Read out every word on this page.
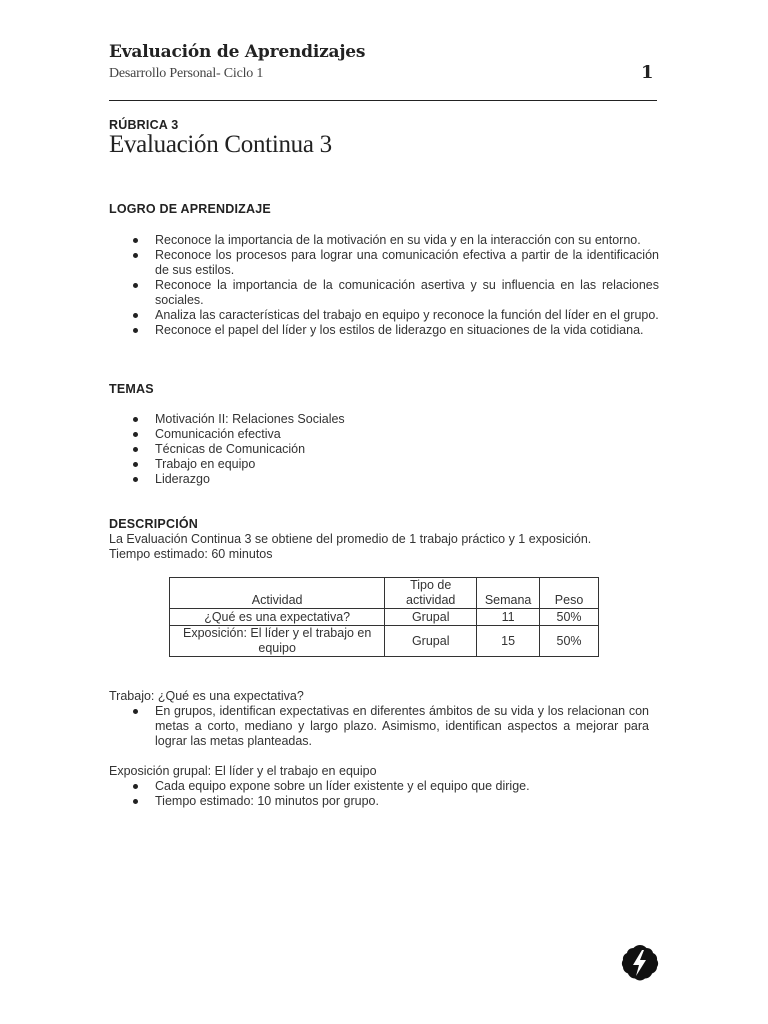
Evaluación de Aprendizajes
Desarrollo Personal- Ciclo 1	1
RÚBRICA 3
Evaluación Continua 3
LOGRO DE APRENDIZAJE
Reconoce la importancia de la motivación en su vida y en la interacción con su entorno.
Reconoce los procesos para lograr una comunicación efectiva a partir de la identificación de sus estilos.
Reconoce la importancia de la comunicación asertiva y su influencia en las relaciones sociales.
Analiza las características del trabajo en equipo y reconoce la función del líder en el grupo.
Reconoce el papel del líder y los estilos de liderazgo en situaciones de la vida cotidiana.
TEMAS
Motivación II: Relaciones Sociales
Comunicación efectiva
Técnicas de Comunicación
Trabajo en equipo
Liderazgo
DESCRIPCIÓN
La Evaluación Continua 3 se obtiene del promedio de 1 trabajo práctico y 1 exposición.
Tiempo estimado: 60 minutos
Actividad	Tipo de actividad	Semana	Peso
¿Qué es una expectativa?	Grupal	11	50%
Exposición: El líder y el trabajo en equipo	Grupal	15	50%
Trabajo: ¿Qué es una expectativa?
En grupos, identifican expectativas en diferentes ámbitos de su vida y los relacionan con metas a corto, mediano y largo plazo. Asimismo, identifican aspectos a mejorar para lograr las metas planteadas.
Exposición grupal: El líder y el trabajo en equipo
Cada equipo expone sobre un líder existente y el equipo que dirige.
Tiempo estimado: 10 minutos por grupo.
